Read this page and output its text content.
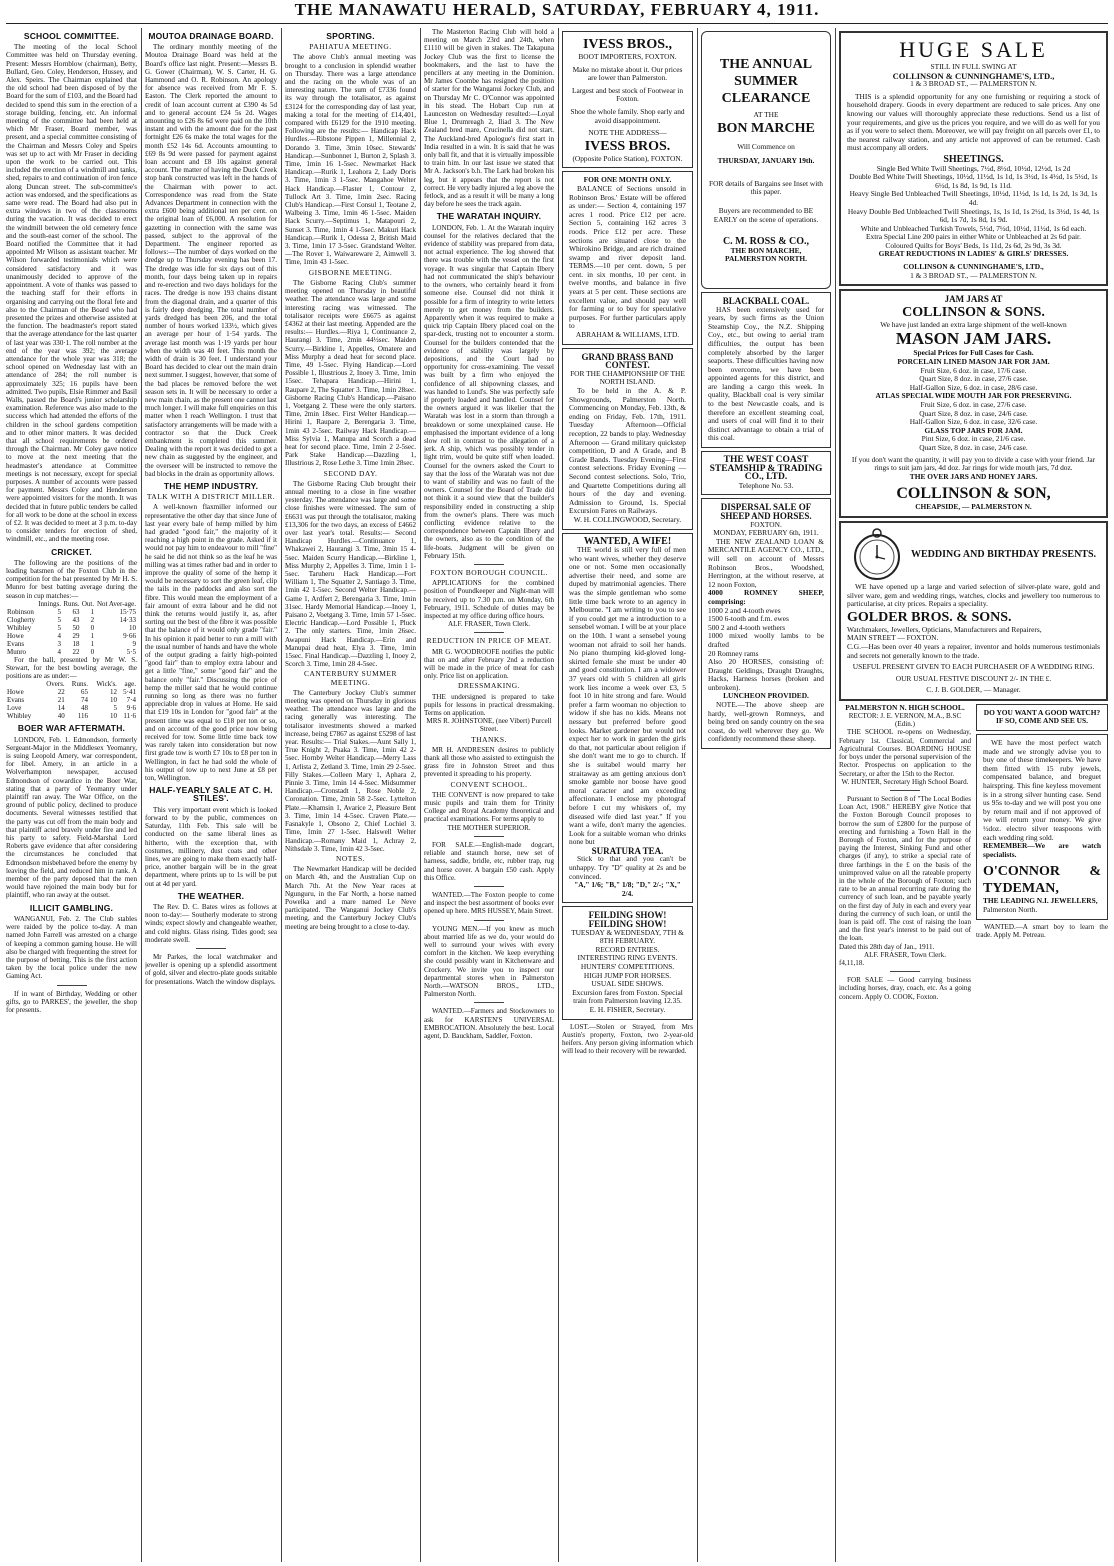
THE MANAWATU HERALD, SATURDAY, FEBRUARY 4, 1911.
SCHOOL COMMITTEE.

The meeting of the local School Committee was held on Thursday evening. Present: Messrs Hornblow (chairman), Betty, Bullard, Geo. Coley, Henderson, Hussey, and Alex. Speirs. The Chairman explained that the old school had been disposed of by the Board for the sum of £103, and the Board had decided to spend this sum in the erection of a storage building, fencing, etc. An informal meeting of the committee had been held at which Mr Fraser, Board member, was present, and a special committee consisting of the Chairman and Messrs Coley and Speirs was set up to act with Mr Fraser in deciding upon the work to be carried out. This included the erection of a windmill and tanks, shed, repairs to and continuation of iron fence along Duncan street. The sub-committee's action was endorsed, and the specifications as same were read. The Board had also put in extra windows in two of the classrooms during the vacation. It was decided to erect the windmill between the old cemetery fence and the south-east corner of the school. The Board notified the Committee that it had appointed Mr Wilson as assistant teacher. Mr Wilson forwarded testimonials which were considered satisfactory and it was unanimously decided to approve of the appointment. A vote of thanks was passed to the teaching staff for their efforts in organising and carrying out the floral fete and also to the Chairman of the Board who had presented the prizes and otherwise assisted at the function. The headmaster's report stated that the average attendance for the last quarter of last year was 330·1. The roll number at the end of the year was 392; the average attendance for the whole year was 318; the school opened on Wednesday last with an attendance of 284; the roll number is approximately 325; 16 pupils have been admitted. Two pupils, Elsie Rimmer and Basil Walls, passed the Board's junior scholarship examination. Reference was also made to the success which had attended the efforts of the children in the school gardens competition and to other minor matters. It was decided that all school requirements be ordered through the Chairman. Mr Coley gave notice to move at the next meeting that the headmaster's attendance at Committee meetings is not necessary, except for special purposes. A number of accounts were passed for payment. Messrs Coley and Henderson were appointed visitors for the month. It was decided that in future public tenders be called for all work to be done at the school in excess of £2. It was decided to meet at 3 p.m. to-day to consider tenders for erection of shed, windmill, etc., and the meeting rose.

CRICKET.

The following are the positions of the leading batsmen of the Foxton Club in the competition for the bat presented by Mr H. S. Munro for best batting average during the season in cup matches:—

	Innings.	Runs.	Out.	Not Aver-age.
Robinson	5	63	1	15·75
Clogherty	5	43	2	14·33
Whibley	5	50	0	10
Howe	4	29	1	9·66
Evans	3	18	1	9
Munro	4	22	0	5·5

For the ball, presented by Mr W. S. Stewart, for the best bowling average, the positions are as under:—

	Overs.	Runs.	Wick's.	age.
Howe	22	65	12	5·41
Evans	21	74	10	7·4
Love	14	48	5	9·6
Whibley	40	116	10	11·6
BOER WAR AFTERMATH.

LONDON, Feb. 1. Edmondson, formerly Sergeant-Major in the Middlesex Yeomanry, is suing Leopold Amery, war correspondent, for libel. Amery, in an article in a Wolverhampton newspaper, accused Edmondson of cowardice in the Boer War, stating that a party of Yeomanry under plaintiff ran away. The War Office, on the ground of public policy, declined to produce documents. Several witnesses testified that the party was cut off from the main body and that plaintiff acted bravely under fire and led his party to safety. Field-Marshal Lord Roberts gave evidence that after considering the circumstances he concluded that Edmondson misbehaved before the enemy by leaving the field, and reduced him in rank. A member of the party deposed that the men would have rejoined the main body but for plaintiff, who ran away at the outset.

ILLICIT GAMBLING.

WANGANUI, Feb. 2. The Club stables were raided by the police to-day. A man named John Farrell was arrested on a charge of keeping a common gaming house. He will also be charged with frequenting the street for the purpose of betting. This is the first action taken by the local police under the new Gaming Act.

If in want of Birthday, Wedding or other gifts, go to PARKES', the jeweller, the shop for presents.

MOUTOA DRAINAGE BOARD.

The ordinary monthly meeting of the Moutoa Drainage Board was held at the Board's office last night. Present:—Messrs B. G. Gower (Chairman), W. S. Carter, H. G. Hammond and O. R. Robinson. An apology for absence was received from Mr F. S. Easton. The Clerk reported the amount to credit of loan account current at £390 4s 5d and to general account £24 5s 2d. Wages amounting to £26 8s 6d were paid on the 10th instant and with the amount due for the past fortnight £26 6s make the total wages for the month £52 14s 6d. Accounts amounting to £69 8s 9d were passed for payment against loan account and £8 10s against general account. The matter of having the Duck Creek stop bank constructed was left in the hands of the Chairman with power to act. Correspondence was read from the State Advances Department in connection with the extra £600 being additional ten per cent. on the original loan of £6,000. A resolution for gazetting in connection with the same was passed, subject to the approval of the Department. The engineer reported as follows:—The number of days worked on the dredge up to Thursday evening has been 17. The dredge was idle for six days out of this month, four days being taken up in repairs and re-erection and two days holidays for the races. The dredge is now 193 chains distant from the diagonal drain, and a quarter of this is fairly deep dredging. The total number of yards dredged has been 206, and the total number of hours worked 133½, which gives an average per hour of 1·54 yards. The average last month was 1·19 yards per hour when the width was 40 feet. This month the width of drain is 30 feet. I understand your Board has decided to clear out the main drain next summer. I suggest, however, that some of the bad places be removed before the wet season sets in. It will be necessary to order a new main chain, as the present one cannot last much longer. I will make full enquiries on this matter when I reach Wellington. I trust that satisfactory arrangements will be made with a contractor so that the Duck Creek embankment is completed this summer. Dealing with the report it was decided to get a new chain as suggested by the engineer, and the overseer will be instructed to remove the bad blocks in the drain as opportunity allows.

THE HEMP INDUSTRY.
TALK WITH A DISTRICT MILLER.

A well-known flaxmiller informed our representative the other day that since June of last year every bale of hemp milled by him had graded "good fair," the majority of it reaching a high point in the grade. Asked if it would not pay him to endeavour to mill "fine" he said he did not think so as the leaf he was milling was at times rather bad and in order to improve the quality of some of the hemp it would be necessary to sort the green leaf, clip the tails in the paddocks and also sort the fibre. This would mean the employment of a fair amount of extra labour and he did not think the returns would justify it, as, after sorting out the best of the fibre it was possible that the balance of it would only grade "fair." In his opinion it paid better to run a mill with the usual number of hands and have the whole of the output grading a fairly high-pointed "good fair" than to employ extra labour and get a little "fine," some "good fair" and the balance only "fair." Discussing the price of hemp the miller said that he would continue running so long as there was no further appreciable drop in values at Home. He said that £19 10s in London for "good fair" at the present time was equal to £18 per ton or so, and on account of the good price now being received for tow. Some little time back tow was rarely taken into consideration but now first grade tow is worth £7 10s to £8 per ton in Wellington, in fact he had sold the whole of his output of tow up to next June at £8 per ton, Wellington.

HALF-YEARLY SALE AT C. H. STILES'.

This very important event which is looked forward to by the public, commences on Saturday, 11th Feb. This sale will be conducted on the same liberal lines as hitherto, with the exception that, with costumes, millinery, dust coats and other lines, we are going to make them exactly half-price, another bargain will be in the great department, where prints up to 1s will be put out at 4d per yard.

THE WEATHER.

The Rev. D. C. Bates wires as follows at noon to-day:— Southerly moderate to strong winds; expect slowly and changeable weather, and cold nights. Glass rising. Tides good; sea moderate swell.

Mr Parkes, the local watchmaker and jeweller is opening up a splendid assortment of gold, silver and electro-plate goods suitable for presentations. Watch the window displays.

SPORTING.
PAHIATUA MEETING.

The above Club's annual meeting was brought to a conclusion in splendid weather on Thursday. There was a large attendance and the racing on the whole was of an interesting nature. The sum of £7336 found its way through the totalisator, as against £3124 for the corresponding day of last year, making a total for the meeting of £14,401, compared with £6129 for the 1910 meeting. Following are the results:— Handicap Hack Hurdles.—Ribstone Pippen 1, Millennial 2, Dorando 3. Time, 3min 10sec. Stewards' Handicap.—Sunbonnet 1, Burton 2, Splash 3. Time, 1min 16 1-5sec. Newmarket Hack Handicap.—Rurik 1, Leahora 2, Lady Doris 3. Time, 1min 3 1-5sec. Mangahoe Welter Hack Handicap.—Flaster 1, Contour 2, Tullock Art 3. Time, 1min 2sec. Racing Club's Handicap.—First Consul 1, Teotane 2, Walbeing 3. Time, 1min 46 1-5sec. Maiden Hack Scurry.—Septimus 1, Matapouri 2, Sunset 3. Time, 1min 4 1-5sec. Makuri Hack Handicap.—Rurik 1, Odessa 2, British Maid 3. Time, 1min 17 3-5sec. Grandstand Welter.—The Rover 1, Waiwareware 2, Aimwell 3. Time, 1min 43 1-5sec.

GISBORNE MEETING.

The Gisborne Racing Club's summer meeting opened on Thursday in beautiful weather. The attendance was large and some interesting racing was witnessed. The totalisator receipts were £6675 as against £4362 at their last meeting. Appended are the results:— Hurdles.—Riya 1, Continuance 2, Haurangi 3. Time, 2min 44½sec. Maiden Scurry.—Birkline 1, Appelles, Omatere and Miss Murphy a dead heat for second place. Time, 49 1-5sec. Flying Handicap.—Lord Possible 1, Illustrious 2, Inoey 3. Time, 1min 15sec. Tehapara Handicap.—Hirini 1, Raupare 2, The Squatter 3. Time, 1min 28sec. Gisborne Racing Club's Handicap.—Paisano 1, Voetgang 2. These were the only starters. Time, 2min 18sec. First Welter Handicap.—Hirini 1, Raupare 2, Berengaria 3. Time, 1min 43 2-5sec. Railway Hack Handicap.—Miss Sylvia 1, Manupa and Scorch a dead heat for second place. Time, 1min 2 2-5sec. Park Stake Handicap.—Dazzling 1, Illustrious 2, Rose Lethe 3. Time 1min 28sec.

SECOND DAY.

The Gisborne Racing Club brought their annual meeting to a close in fine weather yesterday. The attendance was large and some close finishes were witnessed. The sum of £6631 was put through the totalisator, making £13,306 for the two days, an excess of £4662 over last year's total. Results:— Second Handicap Hurdles.—Continuance 1, Whakawei 2, Haurangi 3. Time, 3min 15 4-5sec. Maiden Scurry Handicap.—Birkline 1, Miss Murphy 2, Appelles 3. Time, 1min 1 1-5sec. Taruheru Hack Handicap.—Fort William 1, The Squatter 2, Santiago 3. Time, 1min 42 1-5sec. Second Welter Handicap.—Game 1, Ardfert 2, Berengaria 3. Time, 1min 31sec. Hardy Memorial Handicap.—Inoey 1, Paisano 2, Voetgang 3. Time, 1min 57 1-5sec. Electric Handicap.—Lord Possible 1, Pluck 2. The only starters. Time, 1min 26sec. Awapuni Hack Handicap.—Erin and Manupai dead heat, Elya 3. Time, 1min 15sec. Final Handicap.—Dazzling 1, Inoey 2, Scorch 3. Time, 1min 28 4-5sec.

CANTERBURY SUMMER MEETING.

The Canterbury Jockey Club's summer meeting was opened on Thursday in glorious weather. The attendance was large and the racing generally was interesting. The totalisator investments showed a marked increase, being £7867 as against £5298 of last year. Results:— Trial Stakes.—Aunt Sally 1, True Knight 2, Puaka 3. Time, 1min 42 2-5sec. Hornby Welter Handicap.—Merry Lass 1, Arlista 2, Zetland 3. Time, 1min 29 2-5sec. Filly Stakes.—Colleen Mary 1, Aphara 2, Pinnie 3. Time, 1min 14 4-5sec. Midsummer Handicap.—Cronstadt 1, Rose Noble 2, Coronation. Time, 2min 58 2-5sec. Lyttelton Plate.—Khamsin 1, Avarice 2, Pleasure Bent 3. Time, 1min 14 4-5sec. Craven Plate.—Fasnakyle 1, Obsono 2, Chief Lochiel 3. Time, 1min 27 1-5sec. Halswell Welter Handicap.—Romany Maid 1, Achray 2, Nithsdale 3. Time, 1min 42 3-5sec.

NOTES.

The Newmarket Handicap will be decided on March 4th, and the Australian Cup on March 7th. At the New Year races at Ngunguru, in the Far North, a horse named Powelka and a mare named Le Neve participated. The Wanganui Jockey Club's meeting, and the Canterbury Jockey Club's meeting are being brought to a close to-day.

The Masterton Racing Club will hold a meeting on March 23rd and 24th, when £1110 will be given in stakes. The Takapuna Jockey Club was the first to license the bookmakers, and the last to have the pencillers at any meeting in the Dominion. Mr James Coombe has resigned the position of starter for the Wanganui Jockey Club, and on Thursday Mr C. O'Connor was appointed in his stead. The Hobart Cup run at Launceston on Wednesday resulted:—Loyal Blue 1, Drumreagh 2, Iliad 3. The New Zealand bred mare, Crucinella did not start. The Auckland-bred Apologue's first start in India resulted in a win. It is said that he was only ball fit, and that it is virtually impossible to train him. In our last issue we stated that Mr A. Jackson's b.h. The Lark had broken his leg, but it appears that the report is not correct. He very badly injured a leg above the fetlock, and as a result it will be many a long day before he sees the track again.

THE WARATAH INQUIRY.

LONDON, Feb. 1. At the Waratah inquiry counsel for the relatives declared that the evidence of stability was prepared from data, not actual experience. The log showed that there was trouble with the vessel on the first voyage. It was singular that Captain Ilbery had not communicated the ship's behaviour to the owners, who certainly heard it from someone else. Counsel did not think it possible for a firm of integrity to write letters merely to get money from the builders. Apparently when it was required to make a quick trip Captain Ilbery placed coal on the spar-deck, trusting not to encounter a storm. Counsel for the builders contended that the evidence of stability was largely by depositions, and the Court had no opportunity for cross-examining. The vessel was built by a firm who enjoyed the confidence of all shipowning classes, and was handed to Lund's. She was perfectly safe if properly loaded and handled. Counsel for the owners argued it was likelier that the Waratah was lost in a storm than through a breakdown or some unexplained cause. He emphasised the important evidence of a long slow roll in contrast to the allegation of a jerk. A ship, which was possibly tender in light trim, would be quite stiff when loaded. Counsel for the owners asked the Court to say that the loss of the Waratah was not due to want of stability and was no fault of the owners. Counsel for the Board of Trade did not think it a sound view that the builder's responsibility ended in constructing a ship from the owner's plans. There was much conflicting evidence relative to the correspondence between Captain Ilbery and the owners, also as to the condition of the life-boats. Judgment will be given on February 15th.

FOXTON BOROUGH COUNCIL.

APPLICATIONS for the combined position of Poundkeeper and Night-man will be received up to 7.30 p.m. on Monday, 6th February, 1911. Schedule of duties may be inspected at my office during office hours.

ALF. FRASER, Town Clerk.
REDUCTION IN PRICE OF MEAT.

MR G. WOODROOFE notifies the public that on and after February 2nd a reduction will be made in the price of meat for cash only. Price list on application.

DRESSMAKING.

THE undersigned is prepared to take pupils for lessons in practical dressmaking. Terms on application.

MRS R. JOHNSTONE, (nee Vibert) Purcell Street.
THANKS.

MR H. ANDRESEN desires to publicly thank all those who assisted to extinguish the grass fire in Johnston Street and thus prevented it spreading to his property.

CONVENT SCHOOL.

THE CONVENT is now prepared to take music pupils and train them for Trinity College and Royal Academy theoretical and practical examinations. For terms apply to

THE MOTHER SUPERIOR.

FOR SALE.—English-made dogcart, reliable and staunch horse, new set of harness, saddle, bridle, etc, rubber trap, rug and horse cover. A bargain £50 cash. Apply this Office.

WANTED.—The Foxton people to come and inspect the best assortment of books ever opened up here. MRS HUSSEY, Main Street.

YOUNG MEN.—If you knew as much about married life as we do, your would do well to surround your wives with every comfort in the kitchen. We keep everything she could possibly want in Kitchenware and Crockery. We invite you to inspect our departmental stores when in Palmerston North.—WATSON BROS., LTD., Palmerston North.

WANTED.—Farmers and Stockowners to ask for KARSTEN'S UNIVERSAL EMBROCATION. Absolutely the best. Local agent, D. Bauckham, Saddler, Foxton.

IVESS BROS.,
BOOT IMPORTERS, FOXTON.
Make no mistake about it. Our prices are lower than Palmerston.
Largest and best stock of Footwear in Foxton.
Shoe the whole family. Shop early and avoid disappointment.
NOTE THE ADDRESS—
IVESS BROS.
(Opposite Police Station), FOXTON.
FOR ONE MONTH ONLY.

BALANCE of Sections unsold in Robinson Bros.' Estate will be offered as under:— Section 4, containing 197 acres 1 rood. Price £12 per acre. Section 5, containing 162 acres 3 roods. Price £12 per acre. These sections are situated close to the Whirokino Bridge, and are rich drained swamp and river deposit land. TERMS.—10 per cent. down, 5 per cent. in six months, 10 per cent. in twelve months, and balance in five years at 5 per cent. These sections are excellent value, and should pay well for farming or to buy for speculative purposes. For further particulars apply to

ABRAHAM & WILLIAMS, LTD.
GRAND BRASS BAND CONTEST.
FOR THE CHAMPIONSHIP OF THE NORTH ISLAND.

To be held in the A. & P. Showgrounds, Palmerston North. Commencing on Monday, Feb. 13th, & ending on Friday, Feb. 17th, 1911. Tuesday Afternoon—Official reception, 22 bands to play. Wednesday Afternoon — Grand military quickstep competition, D and A Grade, and B Grade Bands. Tuesday Evening—First contest selections. Friday Evening — Second contest selections. Solo, Trio, and Quartette Competitions during all hours of the day and evening. Admission to Ground, 1s. Special Excursion Fares on Railways.

W. H. COLLINGWOOD, Secretary.
WANTED, A WIFE!

THE world is still very full of men who want wives, whether they deserve one or not. Some men occasionally advertise their need, and some are duped by matrimonial agencies. There was the simple gentleman who some little time back wrote to an agency in Melbourne. "I am writing to you to see if you could get me a introduction to a sensebel woman. I will be at your place on the 10th. I want a sensebel young wooman not afraid to soil her hands. No piano thumping kid-gloved long-skirted female she must be under 40 and good constitution. I am a widower 37 years old with 5 children all girls work lies income a week over £3, 5 foot 10 in hite strong and fare. Would prefer a farm wooman no objection to widow if she has no kids. Means not nessary but preferred before good looks. Market gardener but would not expect her to work in garden the girls do that, not particular about religion if she don't want me to go to church. If she is suitabel would marry her straitaway as am getting anxious don't smoke gamble nor boose have good moral caracter and am exceeding affectionate. I enclose my photograf before I cut my whiskers of, my diseased wife died last year." If you want a wife, don't marry the agencies. Look for a suitable woman who drinks none but

SURATURA TEA.

Stick to that and you can't be unhappy. Try "D" quality at 2s and be convinced.

"A," 1/6; "B," 1/8; "D," 2/-; "X," 2/4.
FEILDING SHOW! FEILDING SHOW!
TUESDAY & WEDNESDAY, 7TH & 8TH FEBRUARY.
RECORD ENTRIES.
INTERESTING RING EVENTS.
HUNTERS' COMPETITIONS.
HIGH JUMP FOR HORSES.
USUAL SIDE SHOWS.
Excursion fares from Foxton. Special train from Palmerston leaving 12.35.
E. H. FISHER, Secretary.

LOST.—Stolen or Strayed, from Mrs Austin's property, Foxton, two 2-year-old heifers. Any person giving information which will lead to their recovery will be rewarded.

THE ANNUAL SUMMER CLEARANCE
AT THE
BON MARCHE
Will Commence on
THURSDAY, JANUARY 19th.
FOR details of Bargains see Inset with this paper.
Buyers are recommended to BE EARLY on the scene of operations.
C. M. ROSS & CO.,
THE BON MARCHE,
PALMERSTON NORTH.
BLACKBALL COAL.

HAS been extensively used for years, by such firms as the Union Steamship Coy., the N.Z. Shipping Coy., etc., but owing to aerial tram difficulties, the output has been completely absorbed by the larger seaports. These difficulties having now been overcome, we have been appointed agents for this district, and are landing a cargo this week. In quality, Blackball coal is very similar to the best Newcastle coals, and is therefore an excellent steaming coal, and users of coal will find it to their distinct advantage to obtain a trial of this coal.

THE WEST COAST
STEAMSHIP & TRADING CO., LTD.
Telephone No. 53.
DISPERSAL SALE OF SHEEP AND HORSES.
FOXTON.
MONDAY, FEBRUARY 6th, 1911.

THE NEW ZEALAND LOAN & MERCANTILE AGENCY CO., LTD., will sell on account of Messrs Robinson Bros., Woodshed, Herrington, at the without reserve, at 12 noon Foxton,

4000 ROMNEY SHEEP, comprising:
1000 2 and 4-tooth ewes
1500 6-tooth and f.m. ewes
500 2 and 4-tooth wethers
1000 mixed woolly lambs to be drafted
20 Romney rams
Also 20 HORSES, consisting of: Draught Geldings, Draught Draughts, Hacks, Harness horses (broken and unbroken).
LUNCHEON PROVIDED.

NOTE.—The above sheep are hardy, well-grown Romneys, and being bred on sandy country on the sea coast, do well wherever they go. We confidently recommend these sheep.

HUGE SALE
STILL IN FULL SWING AT
COLLINSON & CUNNINGHAME'S, LTD.,
1 & 3 BROAD ST., — PALMERSTON N.

THIS is a splendid opportunity for any one furnishing or requiring a stock of household drapery. Goods in every department are reduced to sale prices. Any one knowing our values will thoroughly appreciate these reductions. Send us a list of your requirements, and give us the prices you require, and we will do as well for you as if you were to select them. Moreover, we will pay freight on all parcels over £1, to the nearest railway station, and any article not approved of can be returned. Cash must accompany all orders.

SHEETINGS.
Single Bed White Twill Sheetings, 7½d, 8½d, 10½d, 12½d, 1s 2d
Double Bed White Twill Sheetings, 10½d, 11½d, 1s 1d, 1s 3½d, 1s 4½d, 1s 5½d, 1s 6½d, 1s 8d, 1s 9d, 1s 11d.
Heavy Single Bed Unbleached Twill Sheetings, 10½d, 11½d, 1s 1d, 1s 2d, 1s 3d, 1s 4d.
Heavy Double Bed Unbleached Twill Sheetings, 1s, 1s 1d, 1s 2½d, 1s 3½d, 1s 4d, 1s 6d, 1s 7d, 1s 8d, 1s 9d.
White and Unbleached Turkish Towels, 5½d, 7½d, 10½d, 11½d, 1s 6d each.
Extra Special Line 200 pairs in either White or Unbleached at 2s 6d pair.
Coloured Quilts for Boys' Beds, 1s 11d, 2s 6d, 2s 9d, 3s 3d.
GREAT REDUCTIONS IN LADIES' & GIRLS' DRESSES.
COLLINSON & CUNNINGHAME'S, LTD.,
1 & 3 BROAD ST., — PALMERSTON N.
JAM JARS AT
COLLINSON & SONS.
We have just landed an extra large shipment of the well-known
MASON JAM JARS.
Special Prices for Full Cases for Cash.
PORCELAIN LINED MASON JAR FOR JAM.
Fruit Size, 6 doz. in case, 17/6 case.
Quart Size, 8 doz. in case, 27/6 case.
Half-Gallon Size, 6 doz. in case, 28/6 case.
ATLAS SPECIAL WIDE MOUTH JAR FOR PRESERVING.
Fruit Size, 6 doz. in case, 27/6 case.
Quart Size, 8 doz. in case, 24/6 case.
Half-Gallon Size, 6 doz. in case, 32/6 case.
GLASS TOP JARS FOR JAM.
Pint Size, 6 doz. in case, 21/6 case.
Quart Size, 8 doz. in case, 24/6 case.
If you don't want the quantity, it will pay you to divide a case with your friend. Jar rings to suit jam jars, 4d doz. Jar rings for wide mouth jars, 7d doz.
THE OVER JARS AND HONEY JARS.
COLLINSON & SON,
CHEAPSIDE, — PALMERSTON N.
WEDDING AND BIRTHDAY PRESENTS.

WE have opened up a large and varied selection of silver-plate ware, gold and silver ware, gem and wedding rings, watches, clocks and jewellery too numerous to particularise, at city prices. Repairs a speciality.

GOLDER BROS. & SONS.
Watchmakers, Jewellers, Opticians, Manufacturers and Repairers,
MAIN STREET — FOXTON.
C.G.—Has been over 40 years a repairer, inventor and holds numerous testimonials and secrets not generally known to the trade.
USEFUL PRESENT GIVEN TO EACH PURCHASER OF A WEDDING RING.
OUR USUAL FESTIVE DISCOUNT 2/- IN THE £.
C. J. B. GOLDER, — Manager.
PALMERSTON N. HIGH SCHOOL.
RECTOR: J. E. VERNON, M.A., B.SC (Edin.)

THE SCHOOL re-opens on Wednesday, February 1st. Classical, Commercial and Agricultural Courses. BOARDING HOUSE for boys under the personal supervision of the Rector. Prospectus on application to the Secretary, or after the 15th to the Rector.

W. HUNTER, Secretary High School Board.

Pursuant to Section 8 of "The Local Bodies Loan Act, 1908." HEREBY give Notice that the Foxton Borough Council proposes to borrow the sum of £2800 for the purpose of erecting and furnishing a Town Hall in the Borough of Foxton, and for the purpose of paying the Interest, Sinking Fund and other charges (if any), to strike a special rate of three farthings in the £ on the basis of the unimproved value on all the rateable property in the whole of the Borough of Foxton; such rate to be an annual recurring rate during the currency of such loan, and be payable yearly on the first day of July in each and every year during the currency of such loan, or until the loan is paid off. The cost of raising the loan and the first year's interest to be paid out of the loan.

Dated this 28th day of Jan., 1911.
ALF. FRASER, Town Clerk.
f4,11,18.

FOR SALE — Good carrying business including horses, dray, coach, etc. As a going concern. Apply O. COOK, Foxton.

DO YOU WANT A GOOD WATCH? IF SO, COME AND SEE US.

WE have the most perfect watch made and we strongly advise you to buy one of these timekeepers. We have them fitted with 15 ruby jewels, compensated balance, and breguet hairspring. This fine keyless movement is in a strong silver hunting case. Send us 95s to-day and we will post you one by return mail and if not approved of we will return your money. We give ½doz. electro silver teaspoons with each wedding ring sold.

REMEMBER—We are watch specialists.
O'CONNOR & TYDEMAN,
THE LEADING N.I. JEWELLERS,
Palmerston North.

WANTED.—A smart boy to learn the trade. Apply M. Petreau.
